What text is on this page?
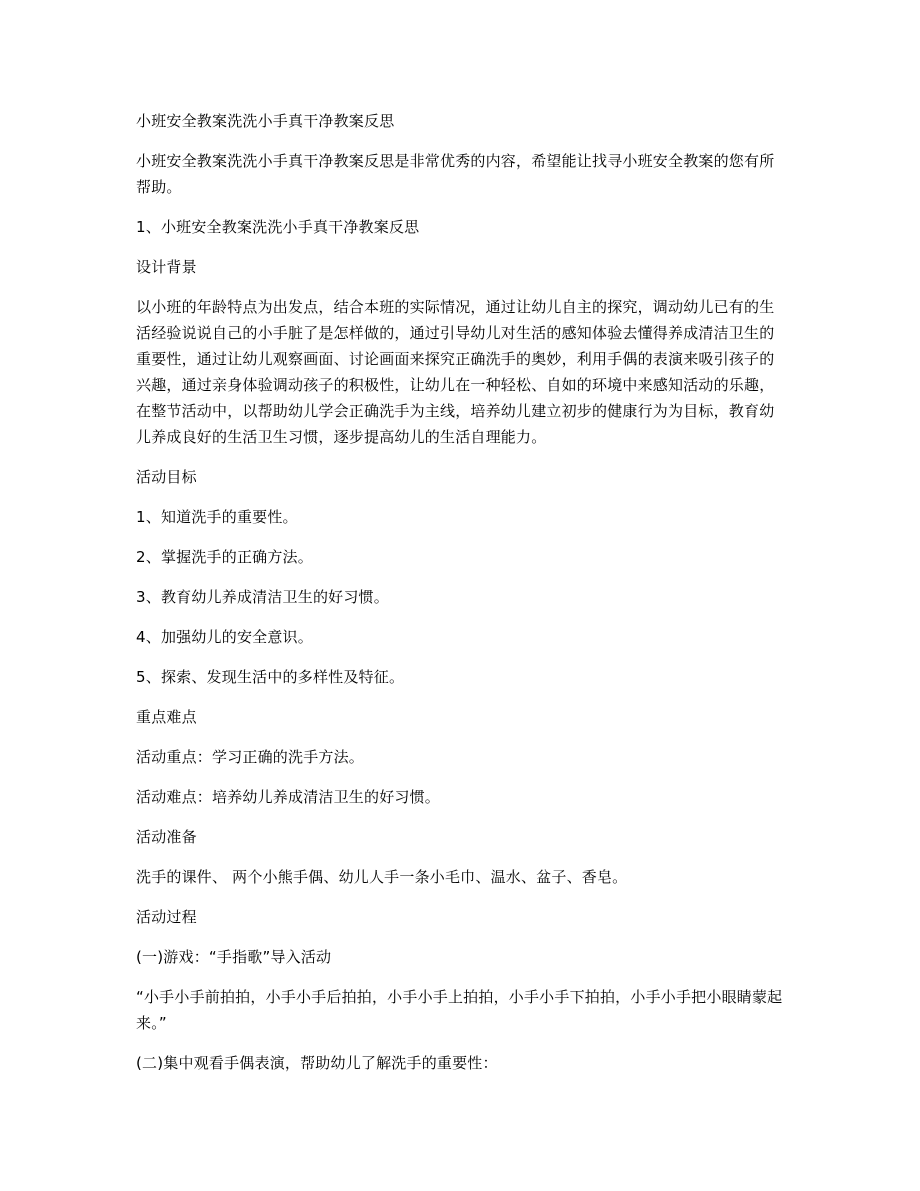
小班安全教案洗洗小手真干净教案反思

小班安全教案洗洗小手真干净教案反思是非常优秀的内容，希望能让找寻小班安全教案的您有所帮助。

1、小班安全教案洗洗小手真干净教案反思

设计背景

以小班的年龄特点为出发点，结合本班的实际情况，通过让幼儿自主的探究，调动幼儿已有的生活经验说说自己的小手脏了是怎样做的，通过引导幼儿对生活的感知体验去懂得养成清洁卫生的重要性，通过让幼儿观察画面、讨论画面来探究正确洗手的奥妙，利用手偶的表演来吸引孩子的兴趣，通过亲身体验调动孩子的积极性，让幼儿在一种轻松、自如的环境中来感知活动的乐趣，在整节活动中，以帮助幼儿学会正确洗手为主线，培养幼儿建立初步的健康行为为目标，教育幼儿养成良好的生活卫生习惯，逐步提高幼儿的生活自理能力。

活动目标

1、知道洗手的重要性。

2、掌握洗手的正确方法。

3、教育幼儿养成清洁卫生的好习惯。

4、加强幼儿的安全意识。

5、探索、发现生活中的多样性及特征。

重点难点

活动重点：学习正确的洗手方法。

活动难点：培养幼儿养成清洁卫生的好习惯。

活动准备

洗手的课件、 两个小熊手偶、幼儿人手一条小毛巾、温水、盆子、香皂。

活动过程

(一)游戏：“手指歌”导入活动

“小手小手前拍拍，小手小手后拍拍，小手小手上拍拍，小手小手下拍拍，小手小手把小眼睛蒙起来。”

(二)集中观看手偶表演，帮助幼儿了解洗手的重要性：
